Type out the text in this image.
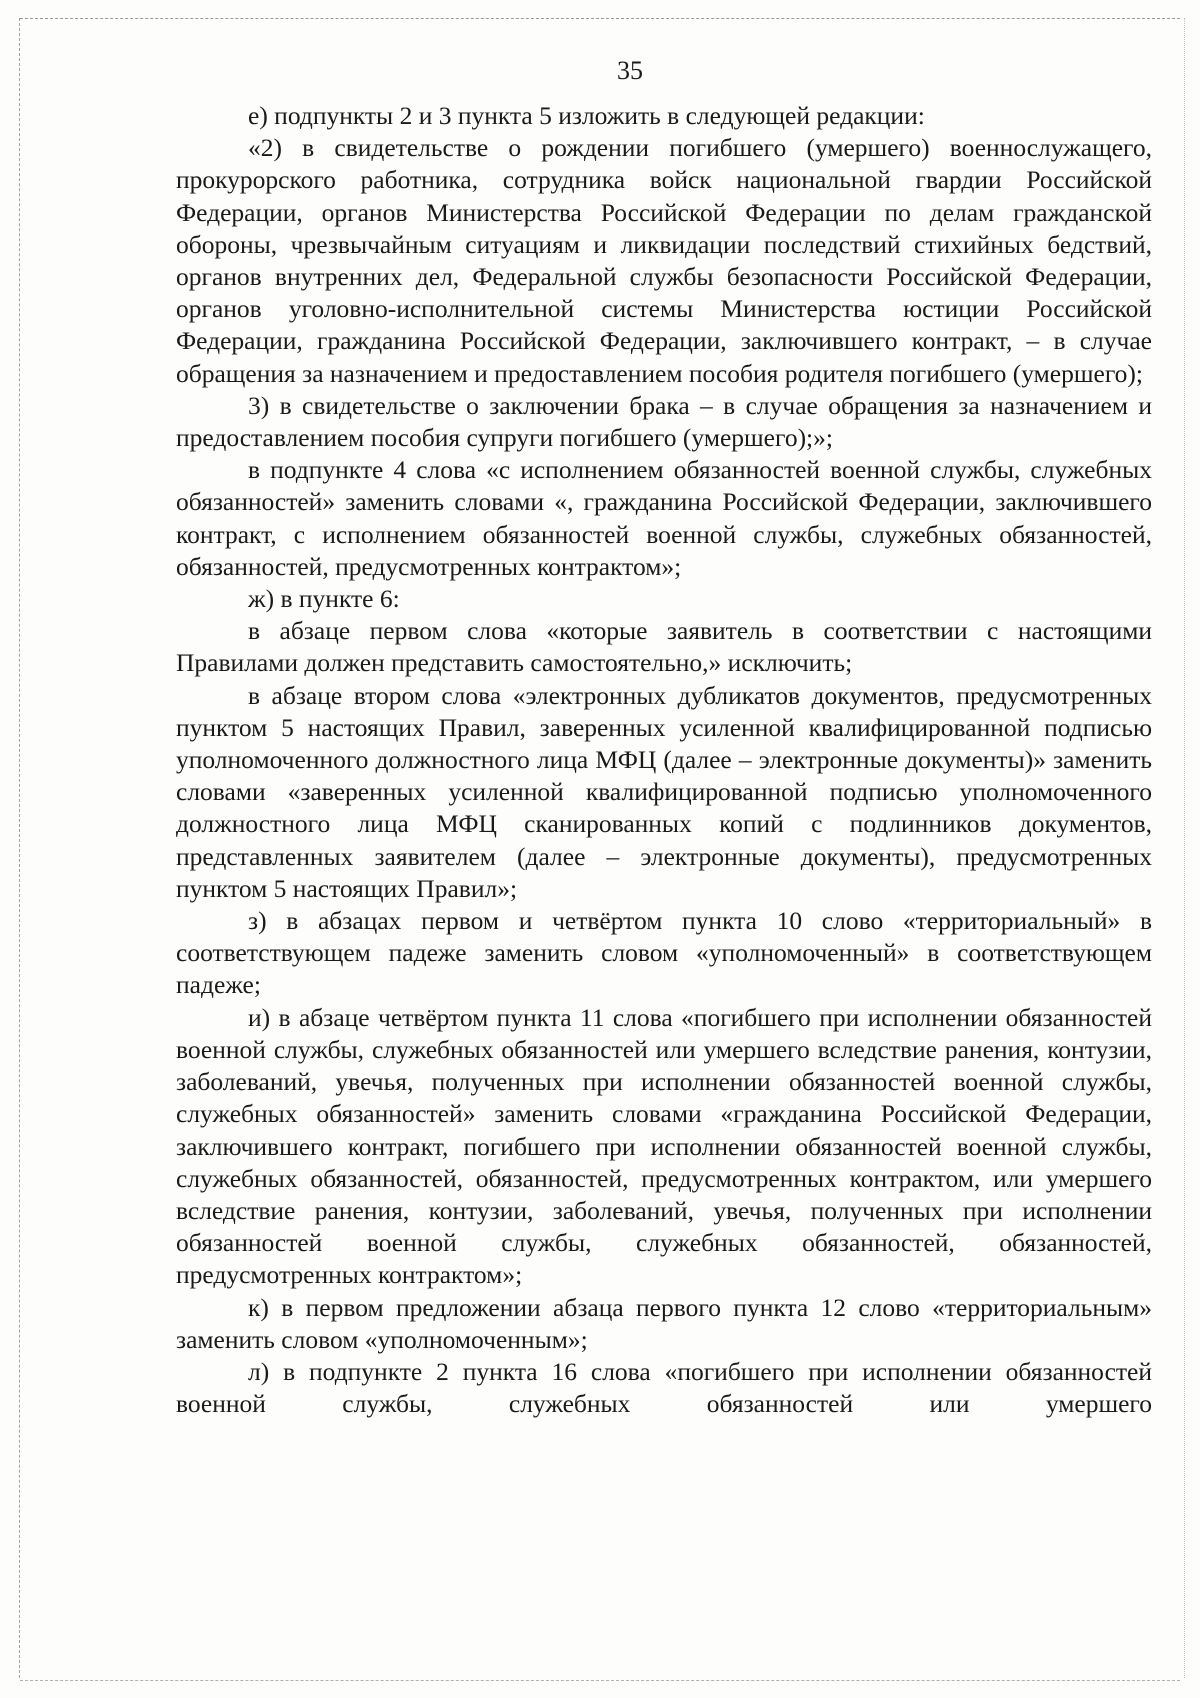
35

е) подпункты 2 и 3 пункта 5 изложить в следующей редакции:

«2) в свидетельстве о рождении погибшего (умершего) военнослужащего, прокурорского работника, сотрудника войск национальной гвардии Российской Федерации, органов Министерства Российской Федерации по делам гражданской обороны, чрезвычайным ситуациям и ликвидации последствий стихийных бедствий, органов внутренних дел, Федеральной службы безопасности Российской Федерации, органов уголовно-исполнительной системы Министерства юстиции Российской Федерации, гражданина Российской Федерации, заключившего контракт, – в случае обращения за назначением и предоставлением пособия родителя погибшего (умершего);

3) в свидетельстве о заключении брака – в случае обращения за назначением и предоставлением пособия супруги погибшего (умершего);»;

в подпункте 4 слова «с исполнением обязанностей военной службы, служебных обязанностей» заменить словами «, гражданина Российской Федерации, заключившего контракт, с исполнением обязанностей военной службы, служебных обязанностей, обязанностей, предусмотренных контрактом»;

ж) в пункте 6:

в абзаце первом слова «которые заявитель в соответствии с настоящими Правилами должен представить самостоятельно,» исключить;

в абзаце втором слова «электронных дубликатов документов, предусмотренных пунктом 5 настоящих Правил, заверенных усиленной квалифицированной подписью уполномоченного должностного лица МФЦ (далее – электронные документы)» заменить словами «заверенных усиленной квалифицированной подписью уполномоченного должностного лица МФЦ сканированных копий с подлинников документов, представленных заявителем (далее – электронные документы), предусмотренных пунктом 5 настоящих Правил»;

з) в абзацах первом и четвёртом пункта 10 слово «территориальный» в соответствующем падеже заменить словом «уполномоченный» в соответствующем падеже;

и) в абзаце четвёртом пункта 11 слова «погибшего при исполнении обязанностей военной службы, служебных обязанностей или умершего вследствие ранения, контузии, заболеваний, увечья, полученных при исполнении обязанностей военной службы, служебных обязанностей» заменить словами «гражданина Российской Федерации, заключившего контракт, погибшего при исполнении обязанностей военной службы, служебных обязанностей, обязанностей, предусмотренных контрактом, или умершего вследствие ранения, контузии, заболеваний, увечья, полученных при исполнении обязанностей военной службы, служебных обязанностей, обязанностей, предусмотренных контрактом»;

к) в первом предложении абзаца первого пункта 12 слово «территориальным» заменить словом «уполномоченным»;

л) в подпункте 2 пункта 16 слова «погибшего при исполнении обязанностей военной службы, служебных обязанностей или умершего
